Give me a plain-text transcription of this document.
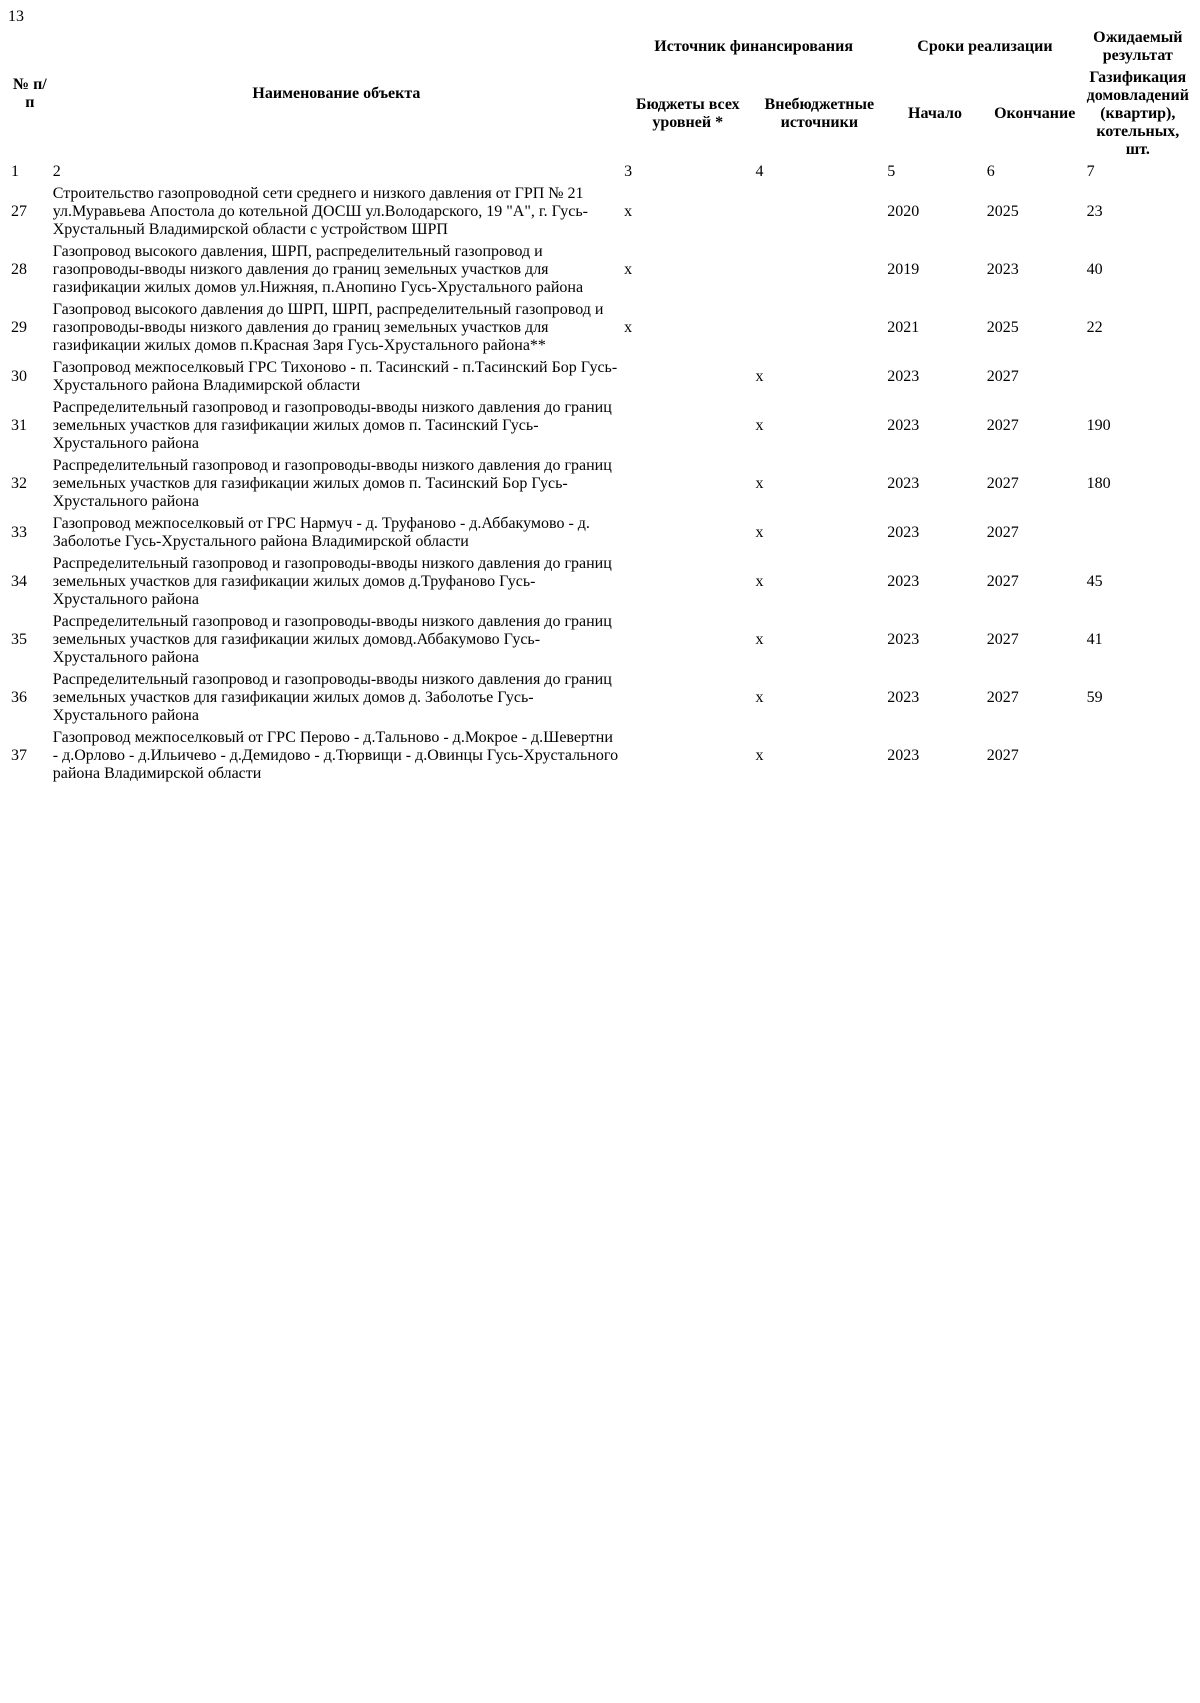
13
№ п/п	Наименование объекта	Источник финансирования		Сроки реализации		Ожидаемый результат
		Бюджеты всех уровней *	Внебюджетные источники	Начало	Окончание	Газификация домовладений (квартир), котельных, шт.
1	2	3	4	5	6	7
27	Строительство газопроводной сети среднего и низкого давления от ГРП № 21 ул.Муравьева Апостола до котельной ДОСШ ул.Володарского, 19 "А", г. Гусь-Хрустальный Владимирской области с устройством ШРП	х		2020	2025	23
28	Газопровод высокого давления, ШРП, распределительный газопровод и газопроводы-вводы низкого давления до границ земельных участков для газификации жилых домов ул.Нижняя, п.Анопино Гусь-Хрустального района	х		2019	2023	40
29	Газопровод высокого давления до ШРП, ШРП, распределительный газопровод и газопроводы-вводы низкого давления до границ земельных участков для газификации жилых домов п.Красная Заря Гусь-Хрустального района**	х		2021	2025	22
30	Газопровод межпоселковый ГРС Тихоново - п. Тасинский - п.Тасинский Бор Гусь-Хрустального района Владимирской области		х	2023	2027	
31	Распределительный газопровод и газопроводы-вводы низкого давления до границ земельных участков для газификации жилых домов п. Тасинский Гусь-Хрустального района		х	2023	2027	190
32	Распределительный газопровод и газопроводы-вводы низкого давления до границ земельных участков для газификации жилых домов п. Тасинский Бор Гусь-Хрустального района		х	2023	2027	180
33	Газопровод межпоселковый от ГРС Нармуч - д. Труфаново - д.Аббакумово - д. Заболотье Гусь-Хрустального района Владимирской области		х	2023	2027	
34	Распределительный газопровод и газопроводы-вводы низкого давления до границ земельных участков для газификации жилых домов д.Труфаново Гусь-Хрустального района		х	2023	2027	45
35	Распределительный газопровод и газопроводы-вводы низкого давления до границ земельных участков для газификации жилых домовд.Аббакумово Гусь-Хрустального района		х	2023	2027	41
36	Распределительный газопровод и газопроводы-вводы низкого давления до границ земельных участков для газификации жилых домов д. Заболотье Гусь-Хрустального района		х	2023	2027	59
37	Газопровод межпоселковый от ГРС Перово - д.Тальново - д.Мокрое - д.Шевертни - д.Орлово - д.Ильичево - д.Демидово - д.Тюрвищи - д.Овинцы Гусь-Хрустального района Владимирской области		х	2023	2027	
